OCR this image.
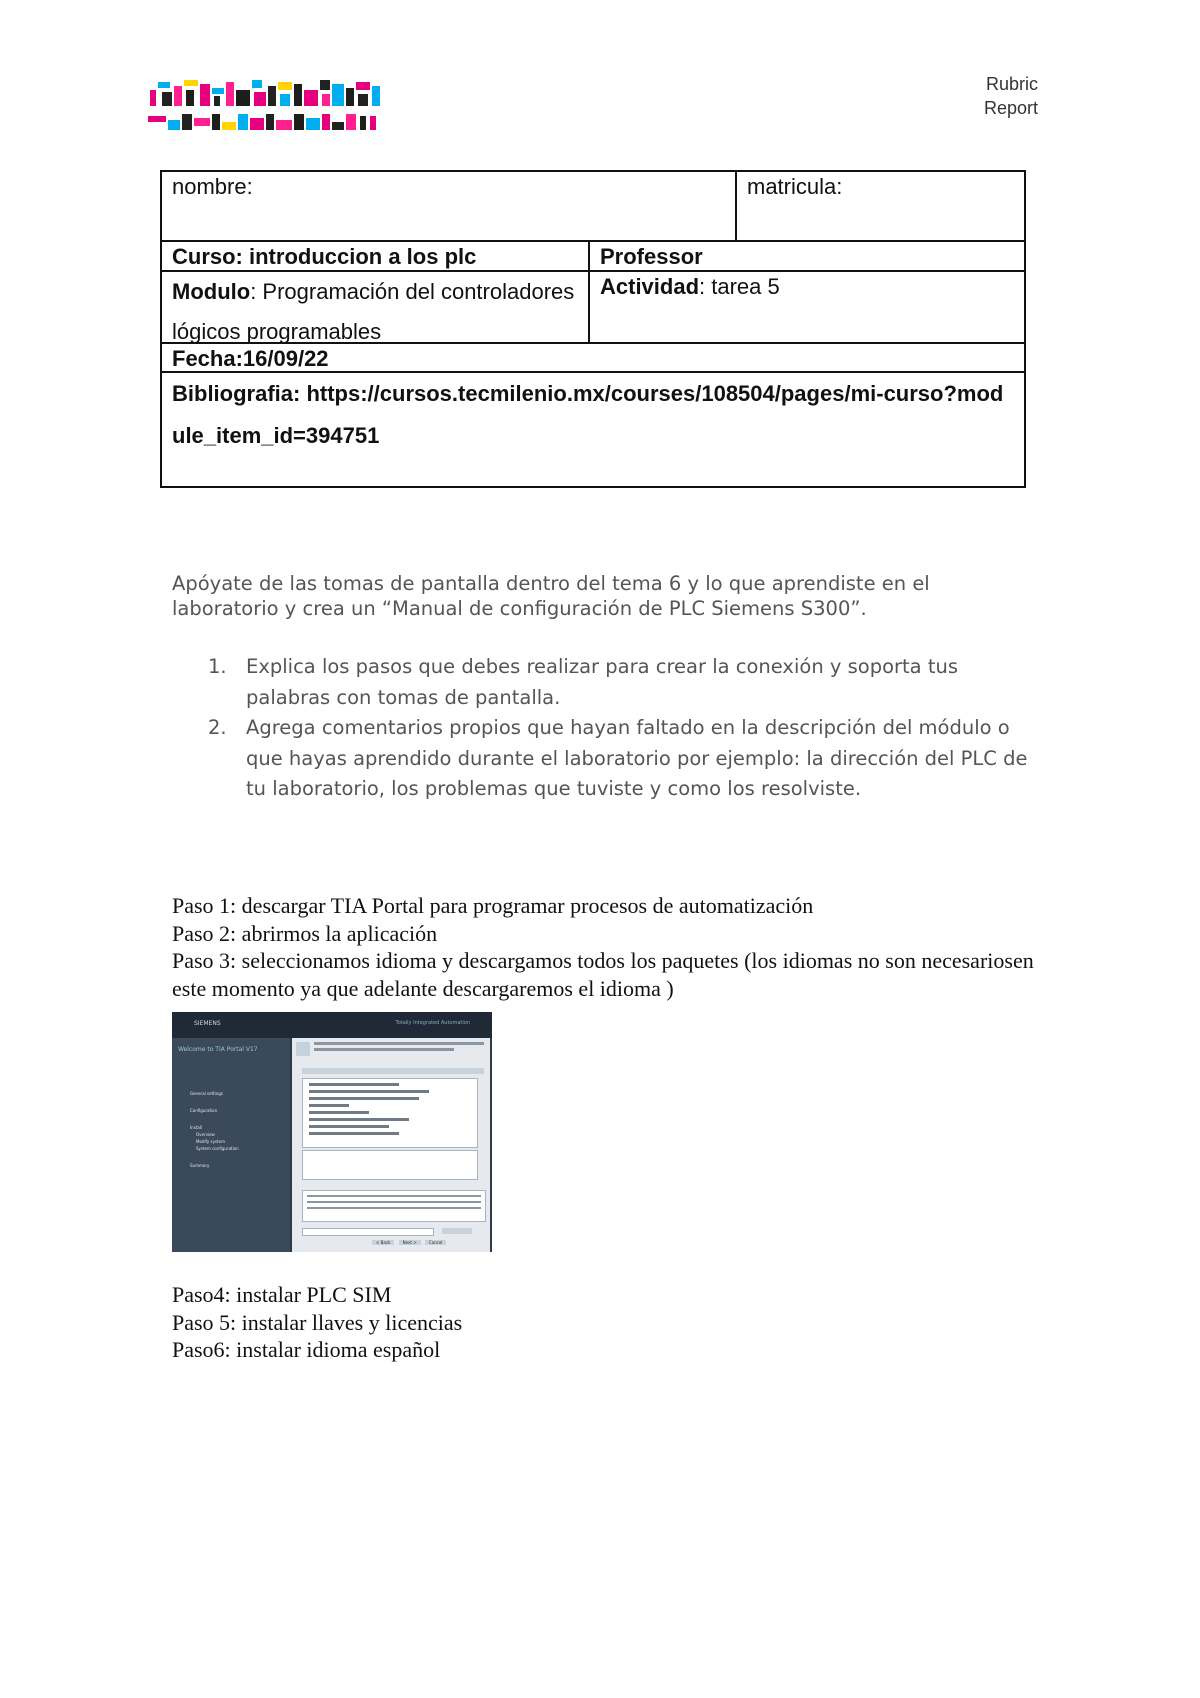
Rubric
Report
nombre:	matricula:
Curso: introduccion a los plc	Professor
Modulo: Programación del controladores lógicos programables
Actividad: tarea 5
Fecha:16/09/22
Bibliografia: https://cursos.tecmilenio.mx/courses/108504/pages/mi-curso?module_item_id=394751
Apóyate de las tomas de pantalla dentro del tema 6 y lo que aprendiste en el laboratorio y crea un “Manual de configuración de PLC Siemens S300”.
1. Explica los pasos que debes realizar para crear la conexión y soporta tus palabras con tomas de pantalla.
2. Agrega comentarios propios que hayan faltado en la descripción del módulo o que hayas aprendido durante el laboratorio por ejemplo: la dirección del PLC de tu laboratorio, los problemas que tuviste y como los resolviste.
Paso 1: descargar TIA Portal para programar procesos de automatización
Paso 2: abrirmos la aplicación
Paso 3: seleccionamos idioma y descargamos todos los paquetes (los idiomas no son necesariosen este momento ya que adelante descargaremos el idioma )
SIEMENS	Totally Integrated Automation
Welcome to TIA Portal V17
General settings
Configuration
Install
Overview
Modify system
System configuration
Summary
< Back	Next >	Cancel
Paso4: instalar PLC SIM
Paso 5: instalar llaves y licencias
Paso6: instalar idioma español
